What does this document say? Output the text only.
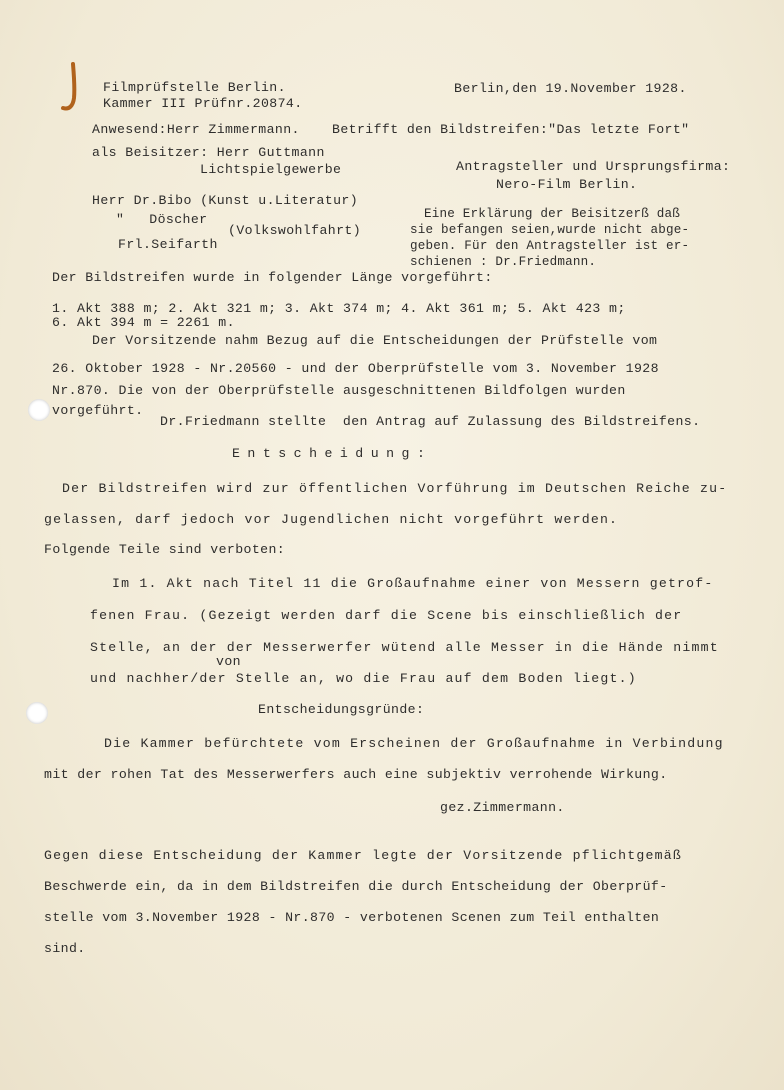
Filmprüfstelle Berlin.
Kammer III Prüfnr.20874.
Berlin,den 19.November 1928.
Anwesend:Herr Zimmermann. Betrifft den Bildstreifen:"Das letzte Fort"
als Beisitzer: Herr Guttmann
Lichtspielgewerbe	Antragsteller und Ursprungsfirma:
Nero-Film Berlin.
Herr Dr.Bibo (Kunst u.Literatur)
"   Döscher
(Volkswohlfahrt)
Frl.Seifarth
Eine Erklärung der Beisitzerß daß
sie befangen seien,wurde nicht abge-
geben. Für den Antragsteller ist er-
schienen : Dr.Friedmann.
Der Bildstreifen wurde in folgender Länge vorgeführt:
1. Akt 388 m; 2. Akt 321 m; 3. Akt 374 m; 4. Akt 361 m; 5. Akt 423 m;
6. Akt 394 m = 2261 m.
Der Vorsitzende nahm Bezug auf die Entscheidungen der Prüfstelle vom
26. Oktober 1928 - Nr.20560 - und der Oberprüfstelle vom 3. November 1928
Nr.870. Die von der Oberprüfstelle ausgeschnittenen Bildfolgen wurden
vorgeführt.
Dr.Friedmann stellte  den Antrag auf Zulassung des Bildstreifens.
Entscheidung:
Der Bildstreifen wird zur öffentlichen Vorführung im Deutschen Reiche zu-
gelassen, darf jedoch vor Jugendlichen nicht vorgeführt werden.
Folgende Teile sind verboten:
Im 1. Akt nach Titel 11 die Großaufnahme einer von Messern getrof-
fenen Frau. (Gezeigt werden darf die Scene bis einschließlich der
Stelle, an der der Messerwerfer wütend alle Messer in die Hände nimmt
von
und nachher/der Stelle an, wo die Frau auf dem Boden liegt.)
Entscheidungsgründe:
Die Kammer befürchtete vom Erscheinen der Großaufnahme in Verbindung
mit der rohen Tat des Messerwerfers auch eine subjektiv verrohende Wirkung.
gez.Zimmermann.
Gegen diese Entscheidung der Kammer legte der Vorsitzende pflichtgemäß
Beschwerde ein, da in dem Bildstreifen die durch Entscheidung der Oberprüf-
stelle vom 3.November 1928 - Nr.870 - verbotenen Scenen zum Teil enthalten
sind.
